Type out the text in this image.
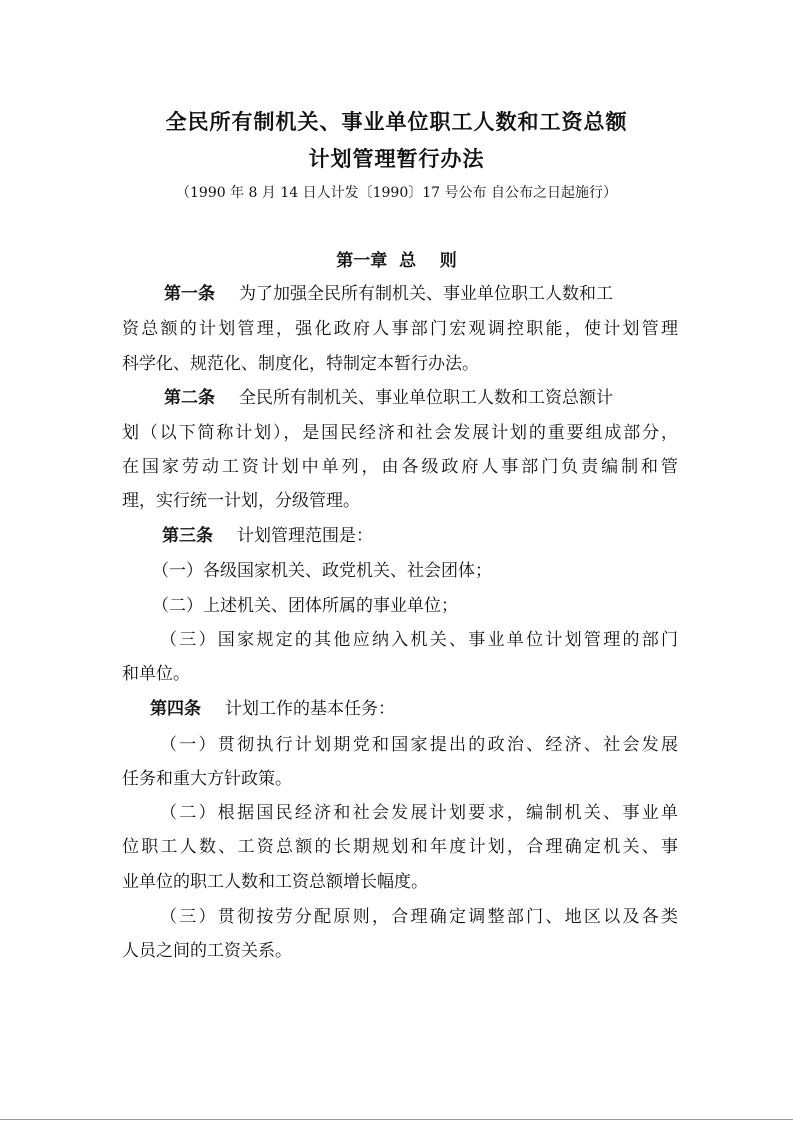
全民所有制机关、事业单位职工人数和工资总额
计划管理暂行办法
（1990 年 8 月 14 日人计发〔1990〕17 号公布 自公布之日起施行）
第一章  总    则
第一条 为了加强全民所有制机关、事业单位职工人数和工
资总额的计划管理，强化政府人事部门宏观调控职能，使计划管理
科学化、规范化、制度化，特制定本暂行办法。
第二条 全民所有制机关、事业单位职工人数和工资总额计
划（以下简称计划），是国民经济和社会发展计划的重要组成部分，
在国家劳动工资计划中单列，由各级政府人事部门负责编制和管
理，实行统一计划，分级管理。
第三条 计划管理范围是：
（一）各级国家机关、政党机关、社会团体；
（二）上述机关、团体所属的事业单位；
（三）国家规定的其他应纳入机关、事业单位计划管理的部门
和单位。
第四条 计划工作的基本任务：
（一）贯彻执行计划期党和国家提出的政治、经济、社会发展
任务和重大方针政策。
（二）根据国民经济和社会发展计划要求，编制机关、事业单
位职工人数、工资总额的长期规划和年度计划，合理确定机关、事
业单位的职工人数和工资总额增长幅度。
（三）贯彻按劳分配原则，合理确定调整部门、地区以及各类
人员之间的工资关系。
